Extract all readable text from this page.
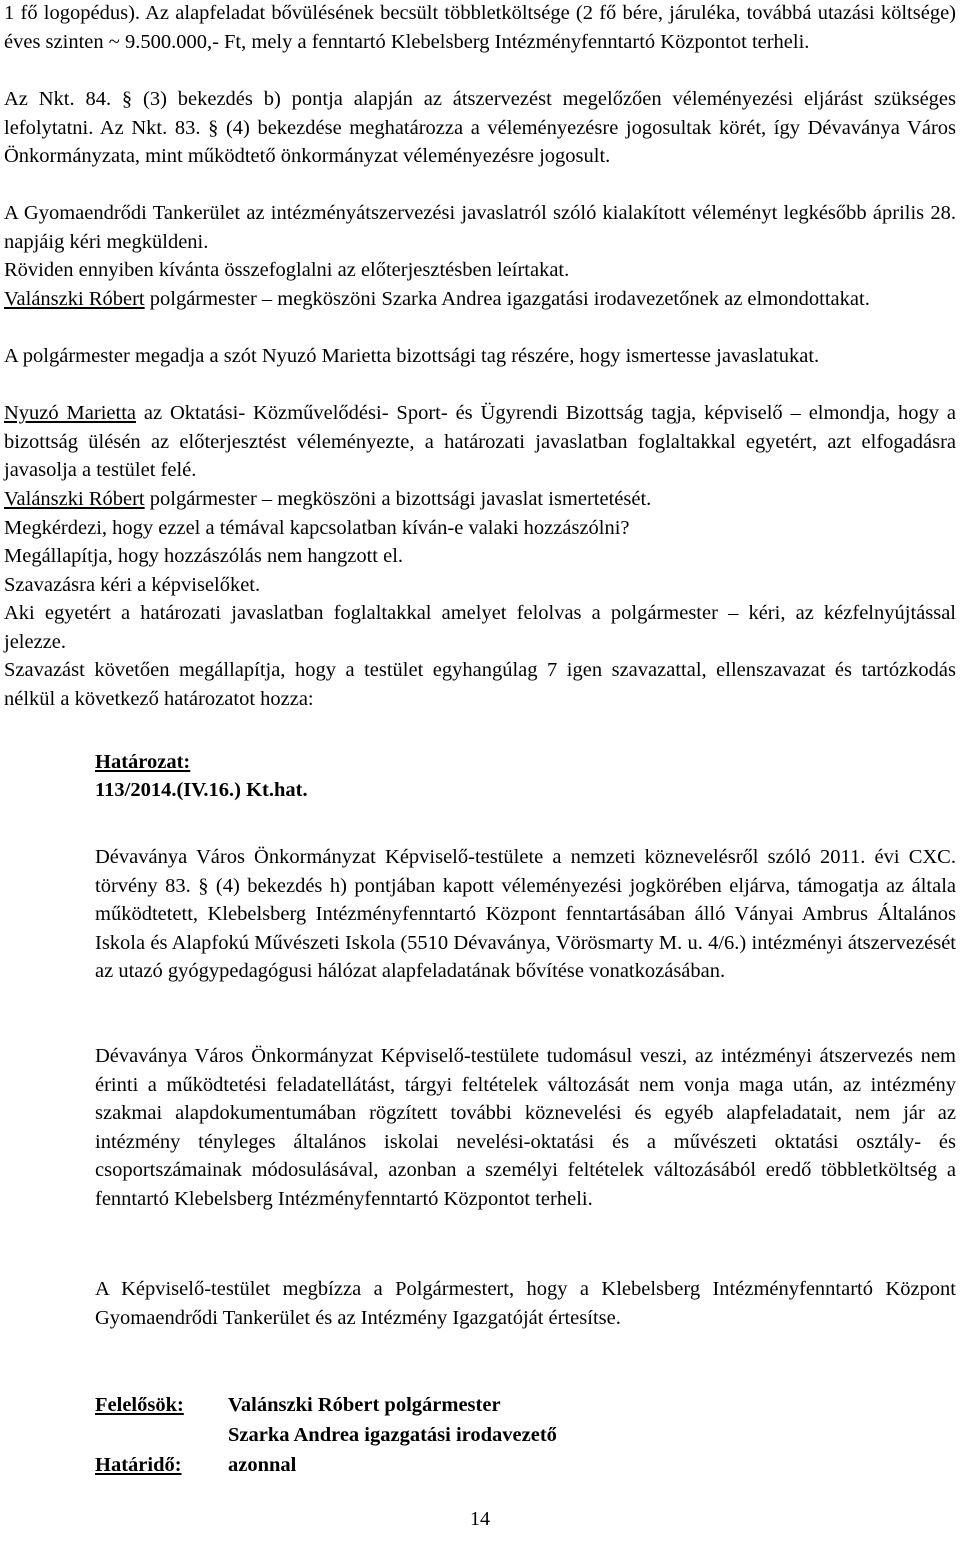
1 fő logopédus). Az alapfeladat bővülésének becsült többletköltsége (2 fő bére, járuléka, továbbá utazási költsége) éves szinten ~ 9.500.000,- Ft, mely a fenntartó Klebelsberg Intézményfenntartó Központot terheli.

Az Nkt. 84. § (3) bekezdés b) pontja alapján az átszervezést megelőzően véleményezési eljárást szükséges lefolytatni. Az Nkt. 83. § (4) bekezdése meghatározza a véleményezésre jogosultak körét, így Dévaványa Város Önkormányzata, mint működtető önkormányzat véleményezésre jogosult.

A Gyomaendrődi Tankerület az intézményátszervezési javaslatról szóló kialakított véleményt legkésőbb április 28. napjáig kéri megküldeni.

Röviden ennyiben kívánta összefoglalni az előterjesztésben leírtakat.

Valánszki Róbert polgármester – megköszöni Szarka Andrea igazgatási irodavezetőnek az elmondottakat.

A polgármester megadja a szót Nyuzó Marietta bizottsági tag részére, hogy ismertesse javaslatukat.

Nyuzó Marietta az Oktatási- Közművelődési- Sport- és Ügyrendi Bizottság tagja, képviselő – elmondja, hogy a bizottság ülésén az előterjesztést véleményezte, a határozati javaslatban foglaltakkal egyetért, azt elfogadásra javasolja a testület felé.

Valánszki Róbert polgármester – megköszöni a bizottsági javaslat ismertetését.

Megkérdezi, hogy ezzel a témával kapcsolatban kíván-e valaki hozzászólni?

Megállapítja, hogy hozzászólás nem hangzott el.

Szavazásra kéri a képviselőket.

Aki egyetért a határozati javaslatban foglaltakkal amelyet felolvas a polgármester – kéri, az kézfelnyújtással jelezze.

Szavazást követően megállapítja, hogy a testület egyhangúlag 7 igen szavazattal, ellenszavazat és tartózkodás nélkül a következő határozatot hozza:

Határozat:

113/2014.(IV.16.) Kt.hat.

Dévaványa Város Önkormányzat Képviselő-testülete a nemzeti köznevelésről szóló 2011. évi CXC. törvény 83. § (4) bekezdés h) pontjában kapott véleményezési jogkörében eljárva, támogatja az általa működtetett, Klebelsberg Intézményfenntartó Központ fenntartásában álló Ványai Ambrus Általános Iskola és Alapfokú Művészeti Iskola (5510 Dévaványa, Vörösmarty M. u. 4/6.) intézményi átszervezését az utazó gyógypedagógusi hálózat alapfeladatának bővítése vonatkozásában.

Dévaványa Város Önkormányzat Képviselő-testülete tudomásul veszi, az intézményi átszervezés nem érinti a működtetési feladatellátást, tárgyi feltételek változását nem vonja maga után, az intézmény szakmai alapdokumentumában rögzített további köznevelési és egyéb alapfeladatait, nem jár az intézmény tényleges általános iskolai nevelési-oktatási és a művészeti oktatási osztály- és csoportszámainak módosulásával, azonban a személyi feltételek változásából eredő többletköltség a fenntartó Klebelsberg Intézményfenntartó Központot terheli.

A Képviselő-testület megbízza a Polgármestert, hogy a Klebelsberg Intézményfenntartó Központ Gyomaendrődi Tankerület és az Intézmény Igazgatóját értesítse.

Felelősök: Valánszki Róbert polgármester
Szarka Andrea igazgatási irodavezető
Határidő: azonnal
14
